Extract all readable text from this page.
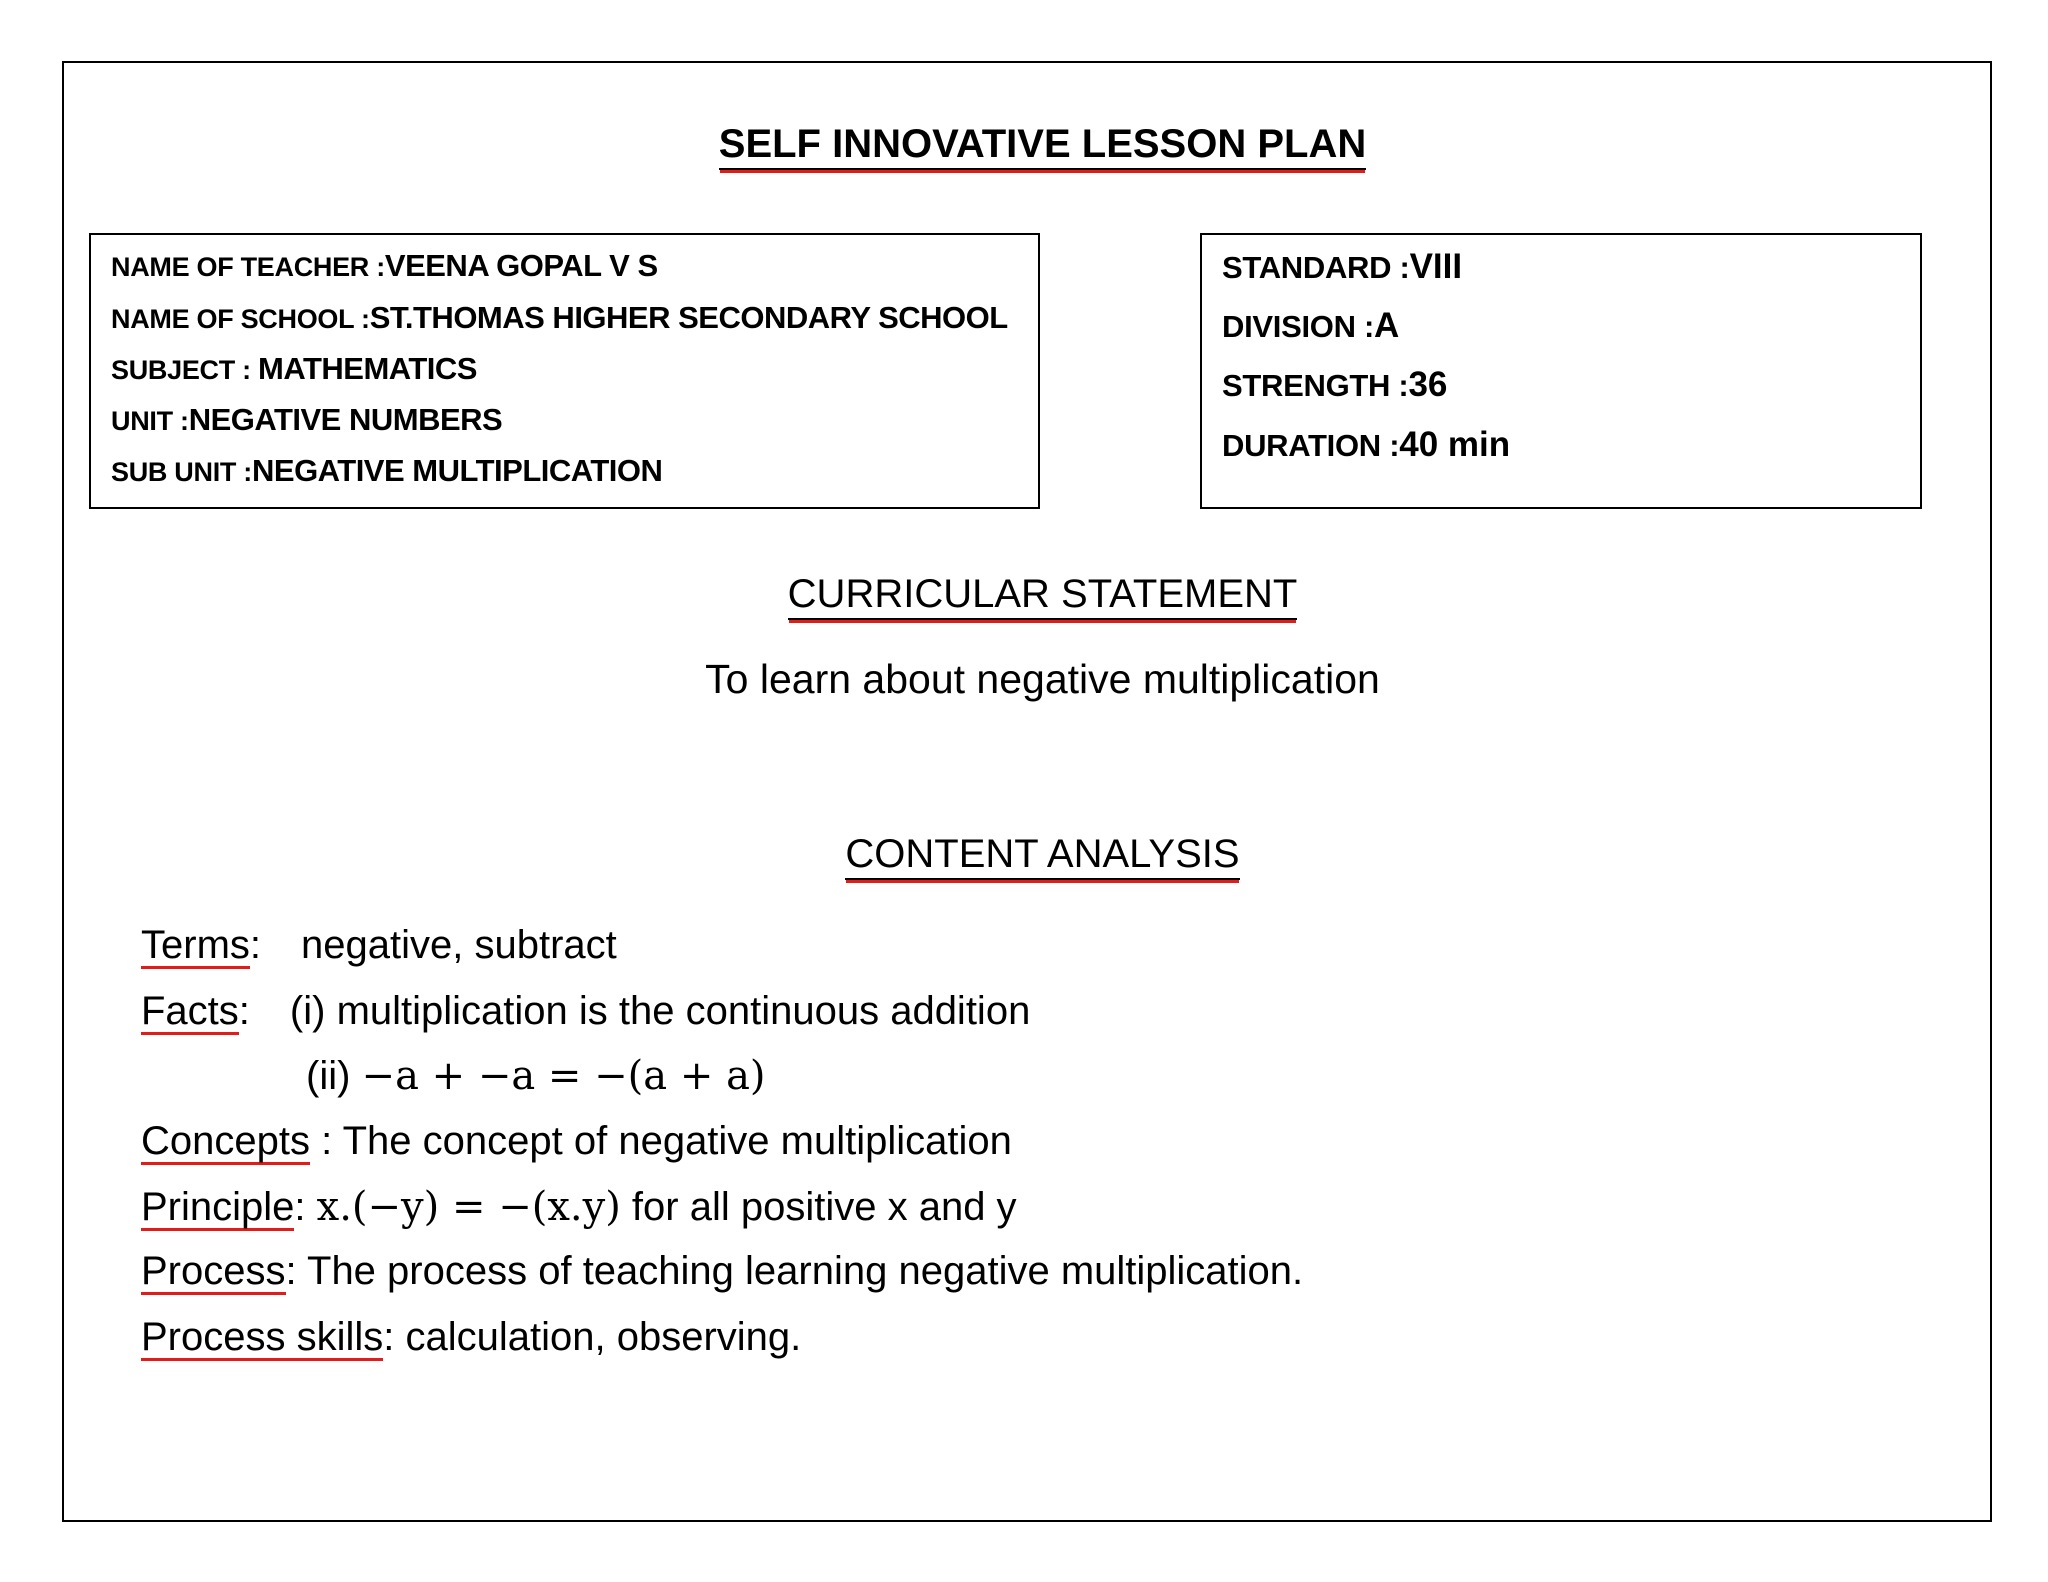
SELF INNOVATIVE LESSON PLAN
NAME OF TEACHER :VEENA GOPAL V S
NAME OF SCHOOL :ST.THOMAS HIGHER SECONDARY SCHOOL
SUBJECT : MATHEMATICS
UNIT :NEGATIVE NUMBERS
SUB UNIT :NEGATIVE MULTIPLICATION
STANDARD :VIII
DIVISION :A
STRENGTH :36
DURATION :40 min
CURRICULAR STATEMENT
To learn about negative multiplication
CONTENT ANALYSIS
Terms: negative, subtract
Facts: (i) multiplication is the continuous addition
(ii) −a + −a = −(a + a)
Concepts : The concept of negative multiplication
Principle: x.(−y) = −(x.y) for all positive x and y
Process: The process of teaching learning negative multiplication.
Process skills: calculation, observing.
